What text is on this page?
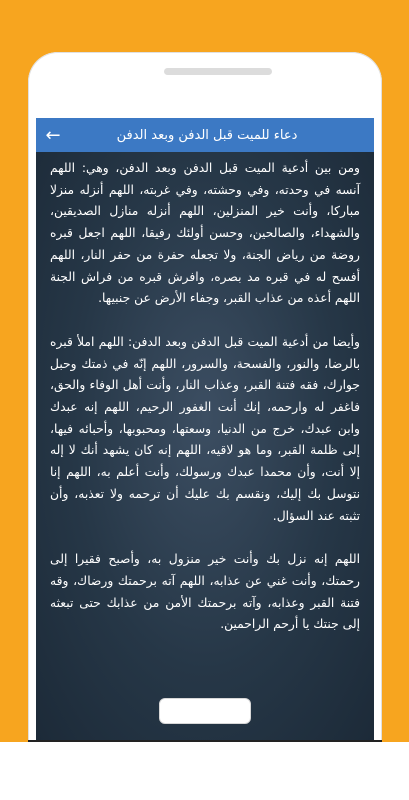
←	دعاء للميت قبل الدفن وبعد الدفن

ومن بين أدعية الميت قبل الدفن وبعد الدفن، وهي: اللهم آنسه في وحدته، وفي وحشته، وفي غربته، اللهم أنزله منزلا مباركا، وأنت خير المنزلين، اللهم أنزله منازل الصديقين، والشهداء، والصالحين، وحسن أولئك رفيقا، اللهم اجعل قبره روضة من رياض الجنة، ولا تجعله حفرة من حفر النار، اللهم أفسح له في قبره مد بصره، وافرش قبره من فراش الجنة اللهم أعذه من عذاب القبر، وجفاء الأرض عن جنبيها.

وأيضا من أدعية الميت قبل الدفن وبعد الدفن: اللهم املأ قبره بالرضا، والنور، والفسحة، والسرور، اللهم إنّه في ذمتك وحبل جوارك، فقه فتنة القبر، وعذاب النار، وأنت أهل الوفاء والحق، فاغفر له وارحمه، إنك أنت الغفور الرحيم، اللهم إنه عبدك وابن عبدك، خرج من الدنيا، وسعتها، ومحبوبها، وأحبائه فيها، إلى ظلمة القبر، وما هو لاقيه، اللهم إنه كان يشهد أنك لا إله إلا أنت، وأن محمدا عبدك ورسولك، وأنت أعلم به، اللهم إنا نتوسل بك إليك، ونقسم بك عليك أن ترحمه ولا تعذبه، وأن تثبته عند السؤال.

اللهم إنه نزل بك وأنت خير منزول به، وأصبح فقيرا إلى رحمتك، وأنت غني عن عذابه، اللهم آته برحمتك ورضاك، وقه فتنة القبر وعذابه، وآته برحمتك الأمن من عذابك حتى تبعثه إلى جنتك يا أرحم الراحمين.
